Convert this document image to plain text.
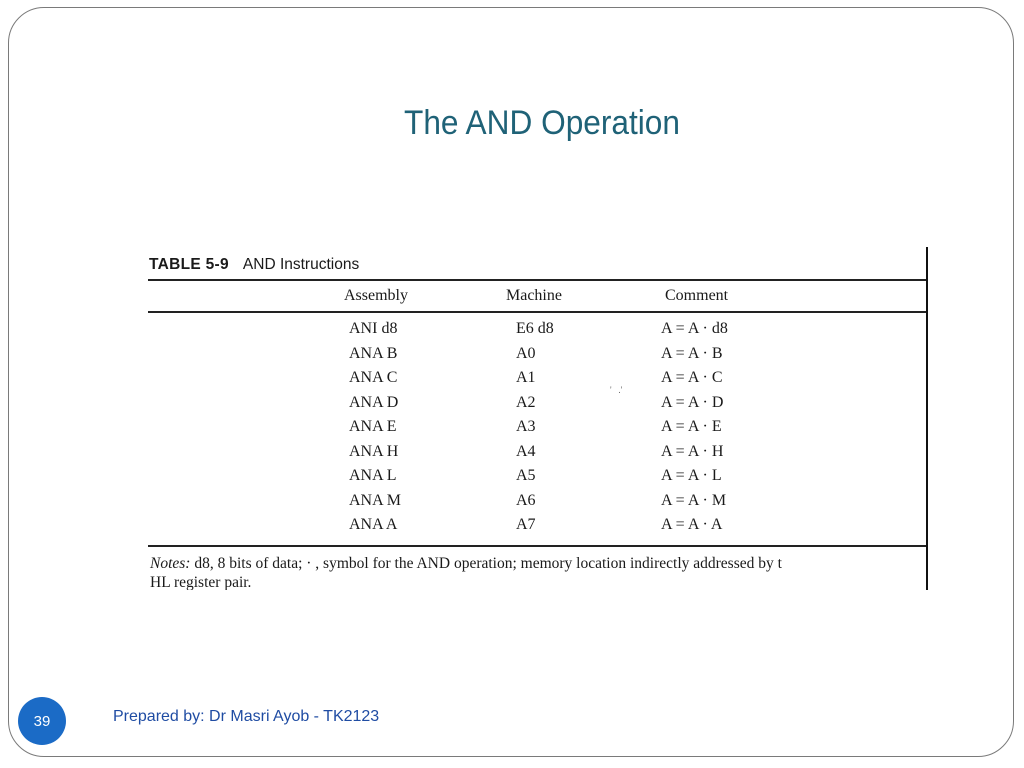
The AND Operation
TABLE 5-9 AND Instructions
Assembly	Machine	Comment
ANI d8	E6 d8	A = A · d8
ANA B	A0	A = A · B
ANA C	A1	A = A · C
ANA D	A2	A = A · D
ANA E	A3	A = A · E
ANA H	A4	A = A · H
ANA L	A5	A = A · L
ANA M	A6	A = A · M
ANA A	A7	A = A · A
'   .'
Notes: d8, 8 bits of data; · , symbol for the AND operation; memory location indirectly addressed by t
HL register pair.
39	Prepared by: Dr Masri Ayob - TK2123
